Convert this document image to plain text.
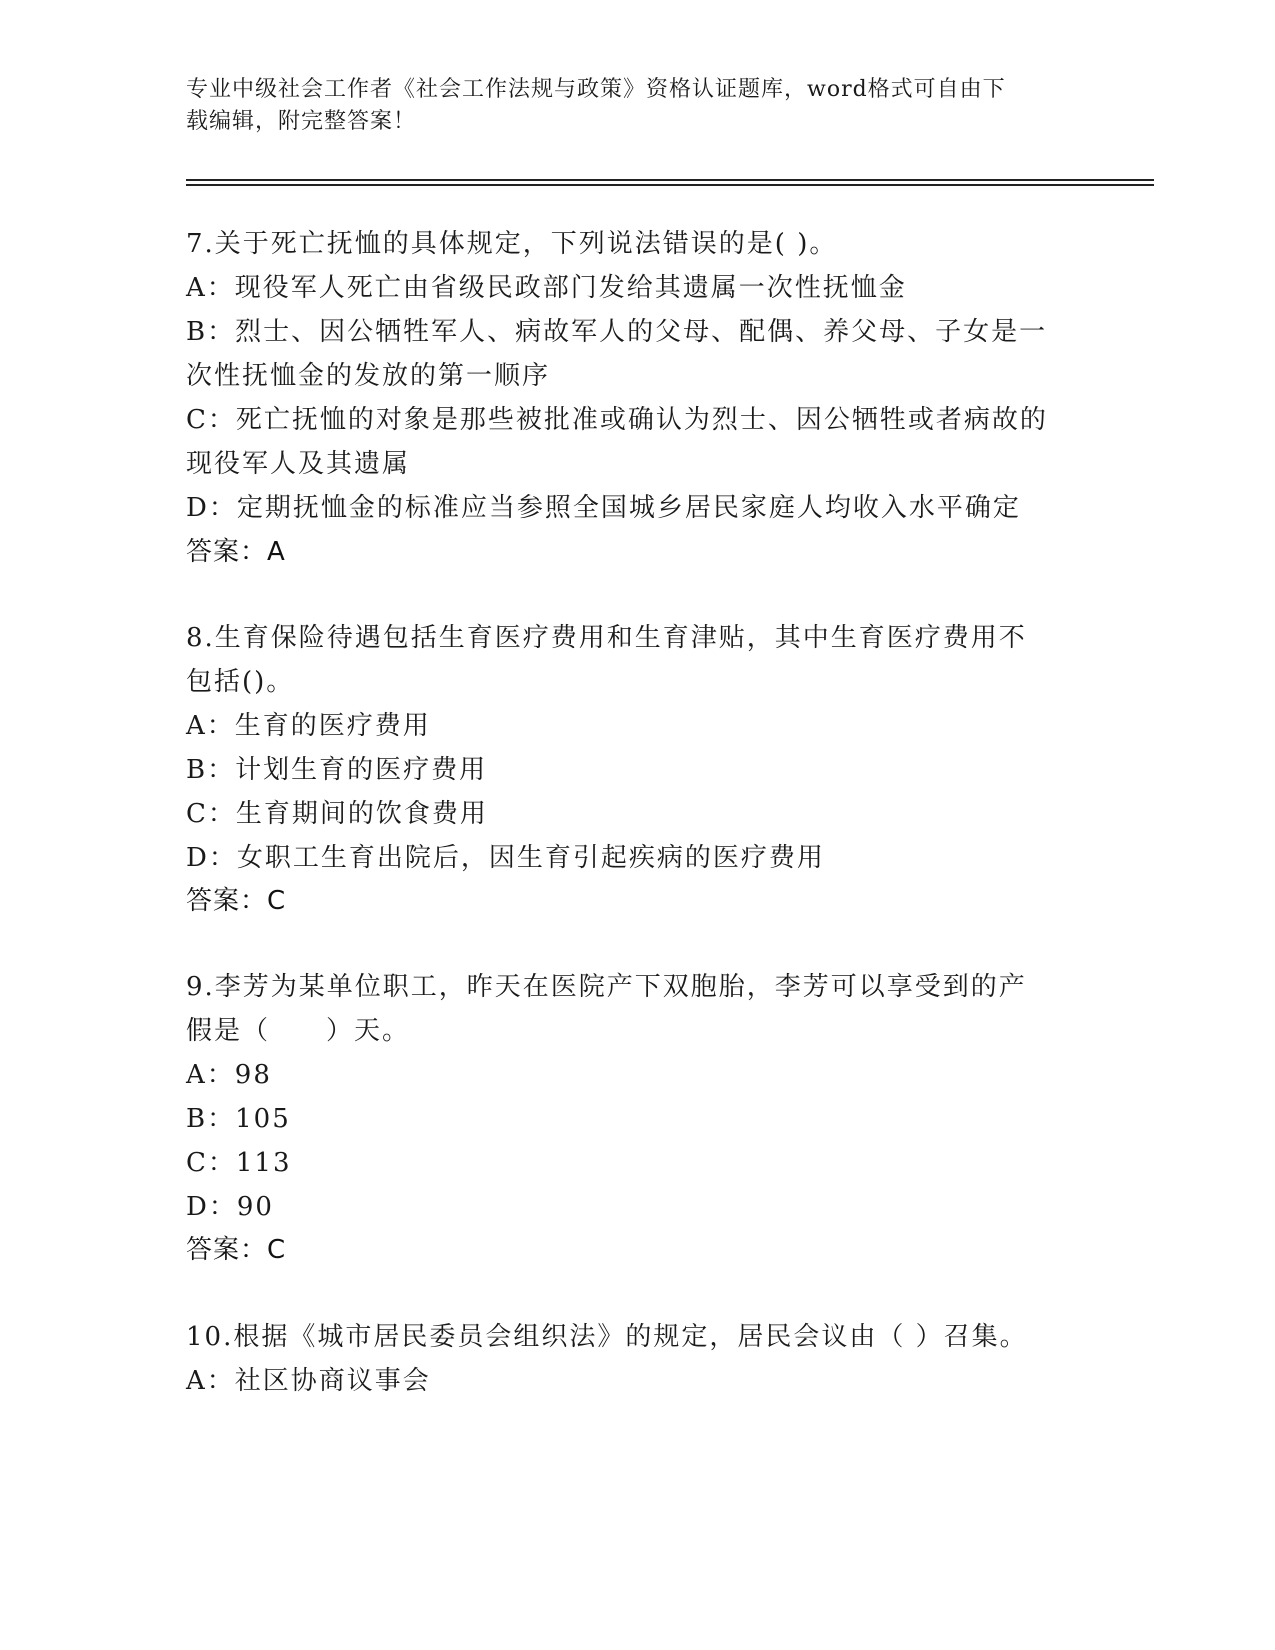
专业中级社会工作者《社会工作法规与政策》资格认证题库，word格式可自由下
载编辑，附完整答案！
7.关于死亡抚恤的具体规定，下列说法错误的是( )。
A：现役军人死亡由省级民政部门发给其遗属一次性抚恤金
B：烈士、因公牺牲军人、病故军人的父母、配偶、养父母、子女是一
次性抚恤金的发放的第一顺序
C：死亡抚恤的对象是那些被批准或确认为烈士、因公牺牲或者病故的
现役军人及其遗属
D：定期抚恤金的标准应当参照全国城乡居民家庭人均收入水平确定
答案：A
8.生育保险待遇包括生育医疗费用和生育津贴，其中生育医疗费用不
包括()。
A：生育的医疗费用
B：计划生育的医疗费用
C：生育期间的饮食费用
D：女职工生育出院后，因生育引起疾病的医疗费用
答案：C
9.李芳为某单位职工，昨天在医院产下双胞胎，李芳可以享受到的产
假是（　　）天。
A：98
B：105
C：113
D：90
答案：C
10.根据《城市居民委员会组织法》的规定，居民会议由（ ）召集。
A：社区协商议事会
